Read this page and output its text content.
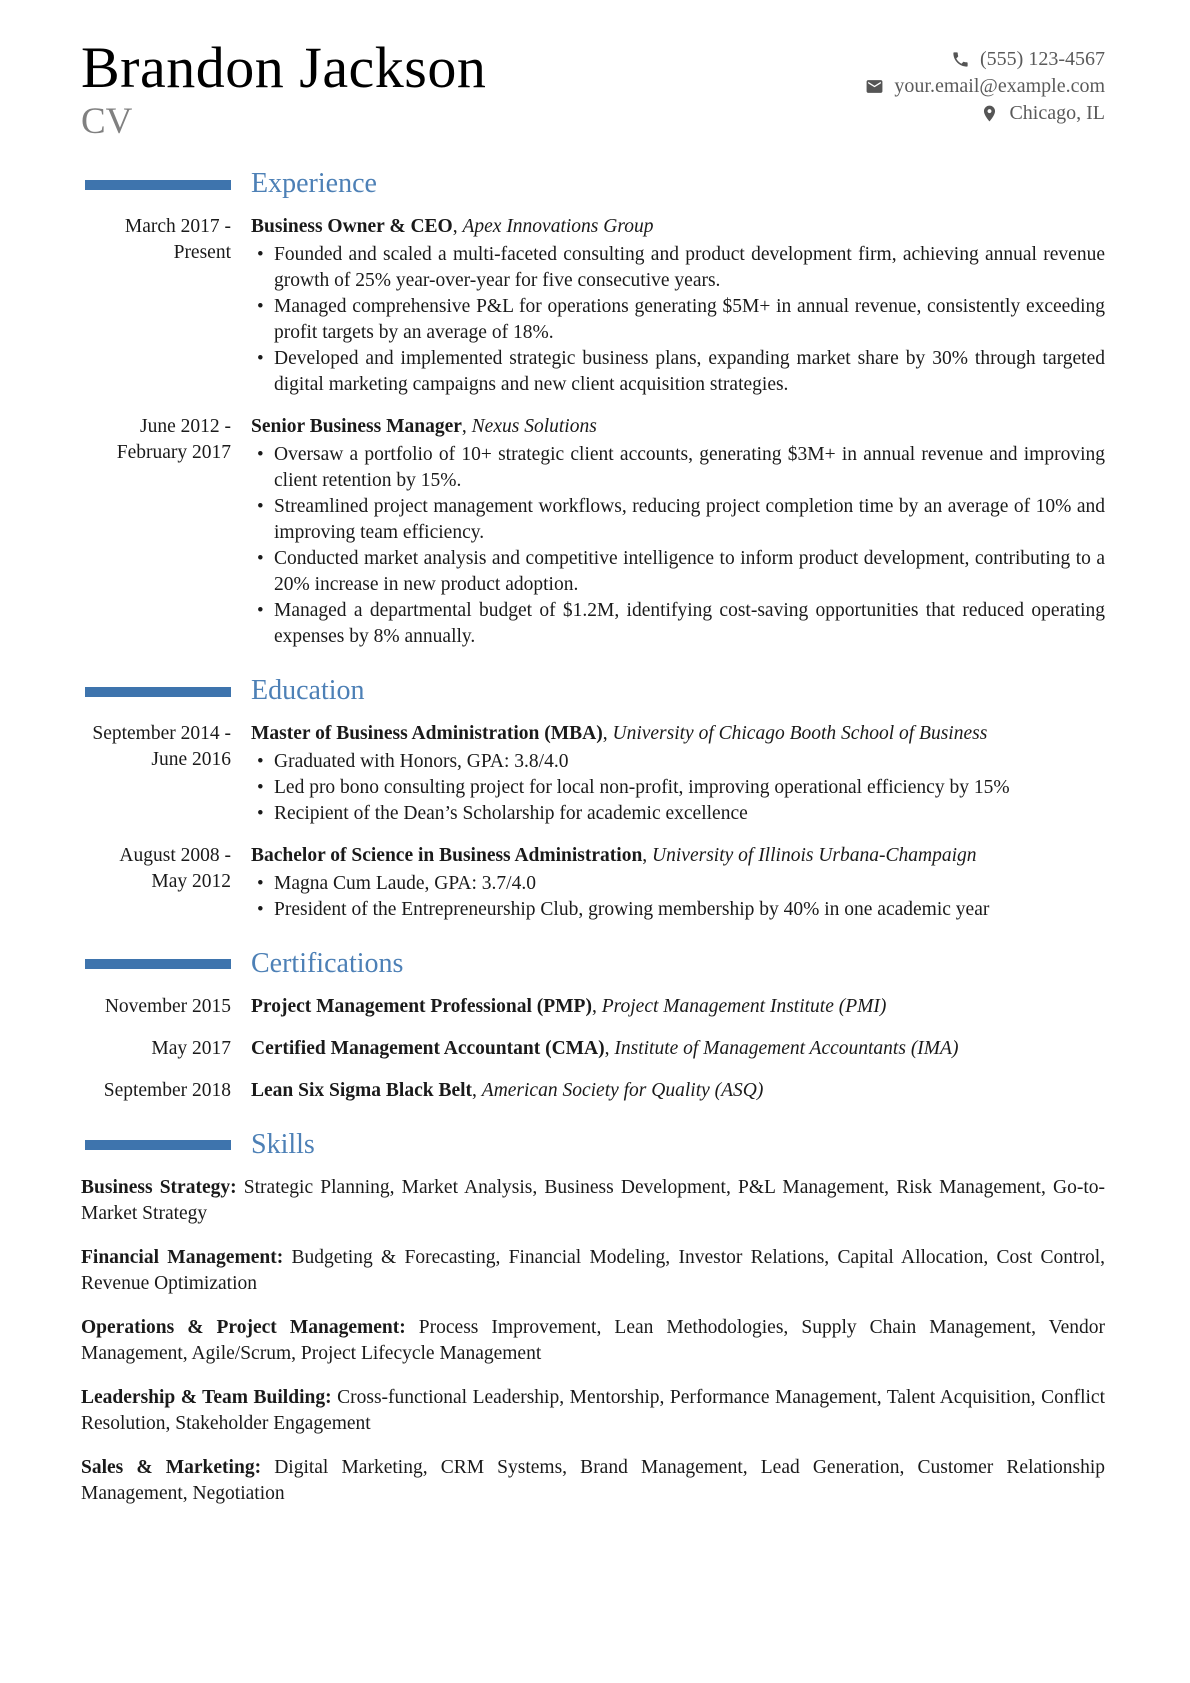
Brandon Jackson
CV
(555) 123-4567
your.email@example.com
Chicago, IL
Experience
March 2017 - Present
Business Owner & CEO , Apex Innovations Group
• Founded and scaled a multi-faceted consulting and product development firm, achieving annual revenue growth of 25% year-over-year for five consecutive years.
• Managed comprehensive P&L for operations generating $5M+ in annual revenue, consistently exceeding profit targets by an average of 18%.
• Developed and implemented strategic business plans, expanding market share by 30% through targeted digital marketing campaigns and new client acquisition strategies.
June 2012 - February 2017
Senior Business Manager , Nexus Solutions
• Oversaw a portfolio of 10+ strategic client accounts, generating $3M+ in annual revenue and improving client retention by 15%.
• Streamlined project management workflows, reducing project completion time by an average of 10% and improving team efficiency.
• Conducted market analysis and competitive intelligence to inform product development, contributing to a 20% increase in new product adoption.
• Managed a departmental budget of $1.2M, identifying cost-saving opportunities that reduced operating expenses by 8% annually.
Education
September 2014 - June 2016
Master of Business Administration (MBA) , University of Chicago Booth School of Business
• Graduated with Honors, GPA: 3.8/4.0
• Led pro bono consulting project for local non-profit, improving operational efficiency by 15%
• Recipient of the Dean’s Scholarship for academic excellence
August 2008 - May 2012
Bachelor of Science in Business Administration , University of Illinois Urbana-Champaign
• Magna Cum Laude, GPA: 3.7/4.0
• President of the Entrepreneurship Club, growing membership by 40% in one academic year
Certifications
November 2015 Project Management Professional (PMP) , Project Management Institute (PMI)
May 2017 Certified Management Accountant (CMA) , Institute of Management Accountants (IMA)
September 2018 Lean Six Sigma Black Belt , American Society for Quality (ASQ)
Skills

Business Strategy: Strategic Planning, Market Analysis, Business Development, P&L Management, Risk Management, Go-to-Market Strategy

Financial Management: Budgeting & Forecasting, Financial Modeling, Investor Relations, Capital Allocation, Cost Control, Revenue Optimization

Operations & Project Management: Process Improvement, Lean Methodologies, Supply Chain Management, Vendor Management, Agile/Scrum, Project Lifecycle Management

Leadership & Team Building: Cross-functional Leadership, Mentorship, Performance Management, Talent Acquisition, Conflict Resolution, Stakeholder Engagement

Sales & Marketing: Digital Marketing, CRM Systems, Brand Management, Lead Generation, Customer Relationship Management, Negotiation
